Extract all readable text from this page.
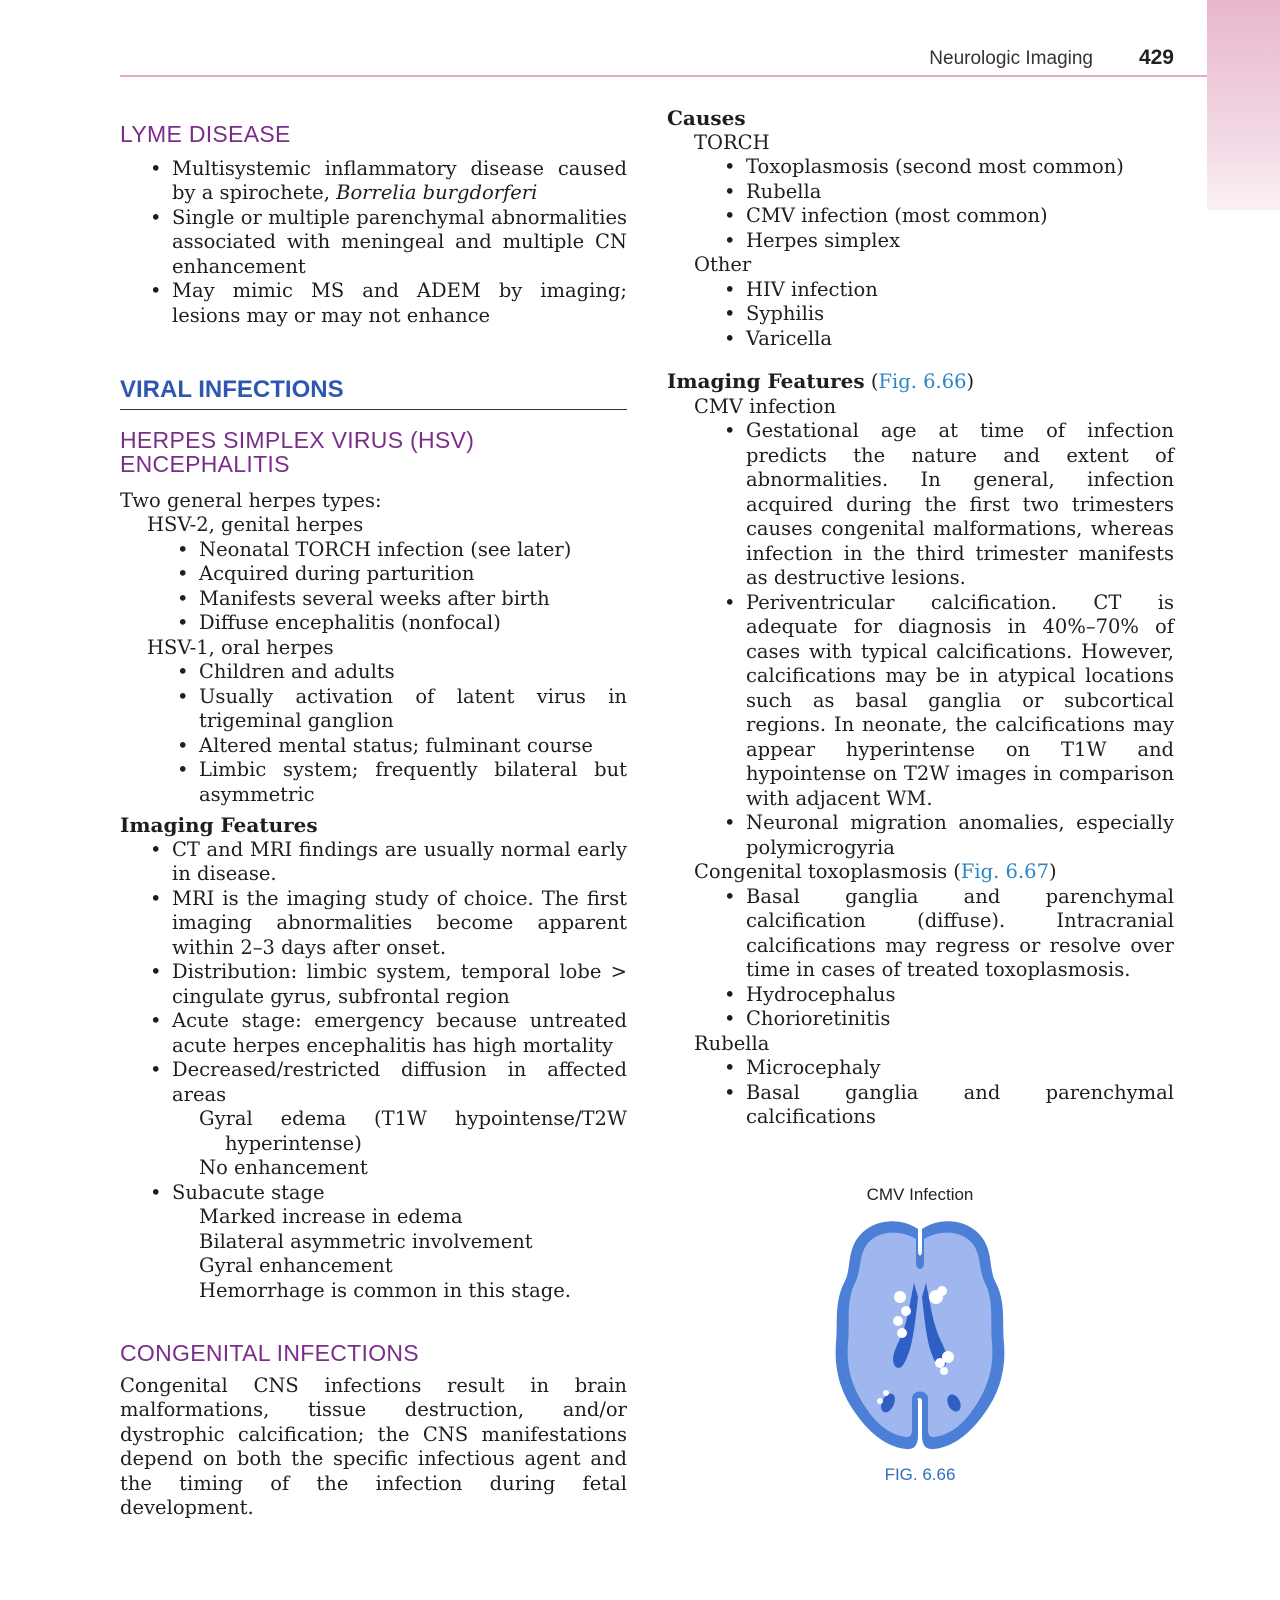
Neurologic Imaging 429
LYME DISEASE
• Multisystemic inflammatory disease caused by a spirochete, Borrelia burgdorferi
• Single or multiple parenchymal abnormalities associated with meningeal and multiple CN enhancement
• May mimic MS and ADEM by imaging; lesions may or may not enhance
VIRAL INFECTIONS
HERPES SIMPLEX VIRUS (HSV) ENCEPHALITIS
Two general herpes types:
HSV-2, genital herpes
• Neonatal TORCH infection (see later)
• Acquired during parturition
• Manifests several weeks after birth
• Diffuse encephalitis (nonfocal)
HSV-1, oral herpes
• Children and adults
• Usually activation of latent virus in trigeminal ganglion
• Altered mental status; fulminant course
• Limbic system; frequently bilateral but asymmetric
Imaging Features
• CT and MRI findings are usually normal early in disease.
• MRI is the imaging study of choice. The first imaging abnormalities become apparent within 2–3 days after onset.
• Distribution: limbic system, temporal lobe > cingulate gyrus, subfrontal region
• Acute stage: emergency because untreated acute herpes encephalitis has high mortality
• Decreased/restricted diffusion in affected areas
Gyral edema (T1W hypointense/T2W hyperintense)
No enhancement
• Subacute stage
Marked increase in edema
Bilateral asymmetric involvement
Gyral enhancement
Hemorrhage is common in this stage.
CONGENITAL INFECTIONS
Congenital CNS infections result in brain malformations, tissue destruction, and/or dystrophic calcification; the CNS manifestations depend on both the specific infectious agent and the timing of the infection during fetal development.
Causes
TORCH
• Toxoplasmosis (second most common)
• Rubella
• CMV infection (most common)
• Herpes simplex
Other
• HIV infection
• Syphilis
• Varicella
Imaging Features (Fig. 6.66)
CMV infection
• Gestational age at time of infection predicts the nature and extent of abnormalities. In general, infection acquired during the first two trimesters causes congenital malformations, whereas infection in the third trimester manifests as destructive lesions.
• Periventricular calcification. CT is adequate for diagnosis in 40%–70% of cases with typical calcifications. However, calcifications may be in atypical locations such as basal ganglia or subcortical regions. In neonate, the calcifications may appear hyperintense on T1W and hypointense on T2W images in comparison with adjacent WM.
• Neuronal migration anomalies, especially polymicrogyria
Congenital toxoplasmosis (Fig. 6.67)
• Basal ganglia and parenchymal calcification (diffuse). Intracranial calcifications may regress or resolve over time in cases of treated toxoplasmosis.
• Hydrocephalus
• Chorioretinitis
Rubella
• Microcephaly
• Basal ganglia and parenchymal calcifications
CMV Infection
FIG. 6.66
